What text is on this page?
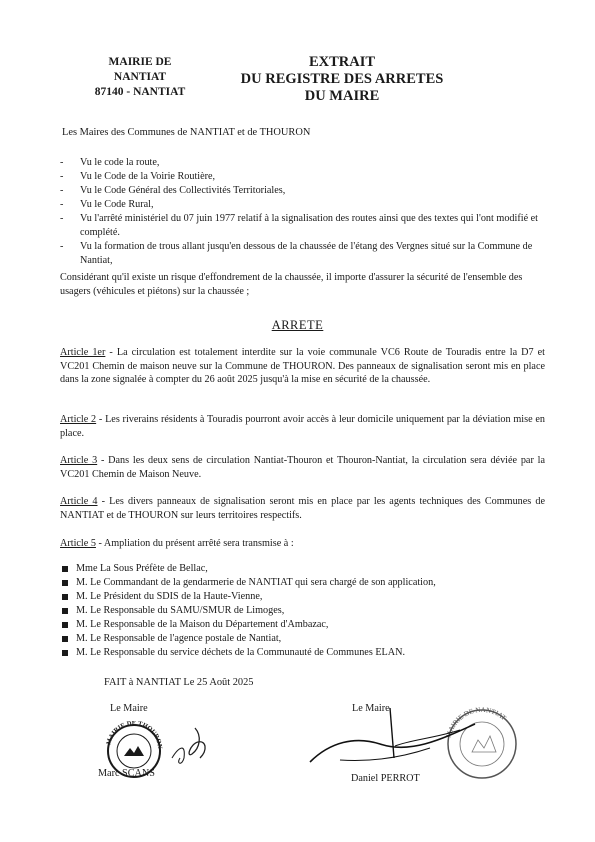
MAIRIE DE
NANTIAT
87140 - NANTIAT
EXTRAIT
DU REGISTRE DES ARRETES
DU MAIRE
Les Maires des Communes de NANTIAT et de THOURON
- Vu le code la route,
- Vu le Code de la Voirie Routière,
- Vu le Code Général des Collectivités Territoriales,
- Vu le Code Rural,
- Vu l'arrêté ministériel du 07 juin 1977 relatif à la signalisation des routes ainsi que des textes qui l'ont modifié et complété.
- Vu la formation de trous allant jusqu'en dessous de la chaussée de l'étang des Vergnes situé sur la Commune de Nantiat,
Considérant qu'il existe un risque d'effondrement de la chaussée, il importe d'assurer la sécurité de l'ensemble des usagers (véhicules et piétons) sur la chaussée ;
ARRETE
Article 1er - La circulation est totalement interdite sur la voie communale VC6 Route de Touradis entre la D7 et VC201 Chemin de maison neuve sur la Commune de THOURON. Des panneaux de signalisation seront mis en place dans la zone signalée à compter du 26 août 2025 jusqu'à la mise en sécurité de la chaussée.
Article 2 - Les riverains résidents à Touradis pourront avoir accès à leur domicile uniquement par la déviation mise en place.
Article 3 - Dans les deux sens de circulation Nantiat-Thouron et Thouron-Nantiat, la circulation sera déviée par la VC201 Chemin de Maison Neuve.
Article 4 - Les divers panneaux de signalisation seront mis en place par les agents techniques des Communes de NANTIAT et de THOURON sur leurs territoires respectifs.
Article 5 - Ampliation du présent arrêté sera transmise à :
Mme La Sous Préfète de Bellac,
M. Le Commandant de la gendarmerie de NANTIAT qui sera chargé de son application,
M. Le Président du SDIS de la Haute-Vienne,
M. Le Responsable du SAMU/SMUR de Limoges,
M. Le Responsable de la Maison du Département d'Ambazac,
M. Le Responsable de l'agence postale de Nantiat,
M. Le Responsable du service déchets de la Communauté de Communes ELAN.
FAIT à NANTIAT Le 25 Août 2025
Le Maire	Le Maire
MAIRIE DE THOURON
MAIRIE DE NANTIAT
Marc SCANS	Daniel PERROT
